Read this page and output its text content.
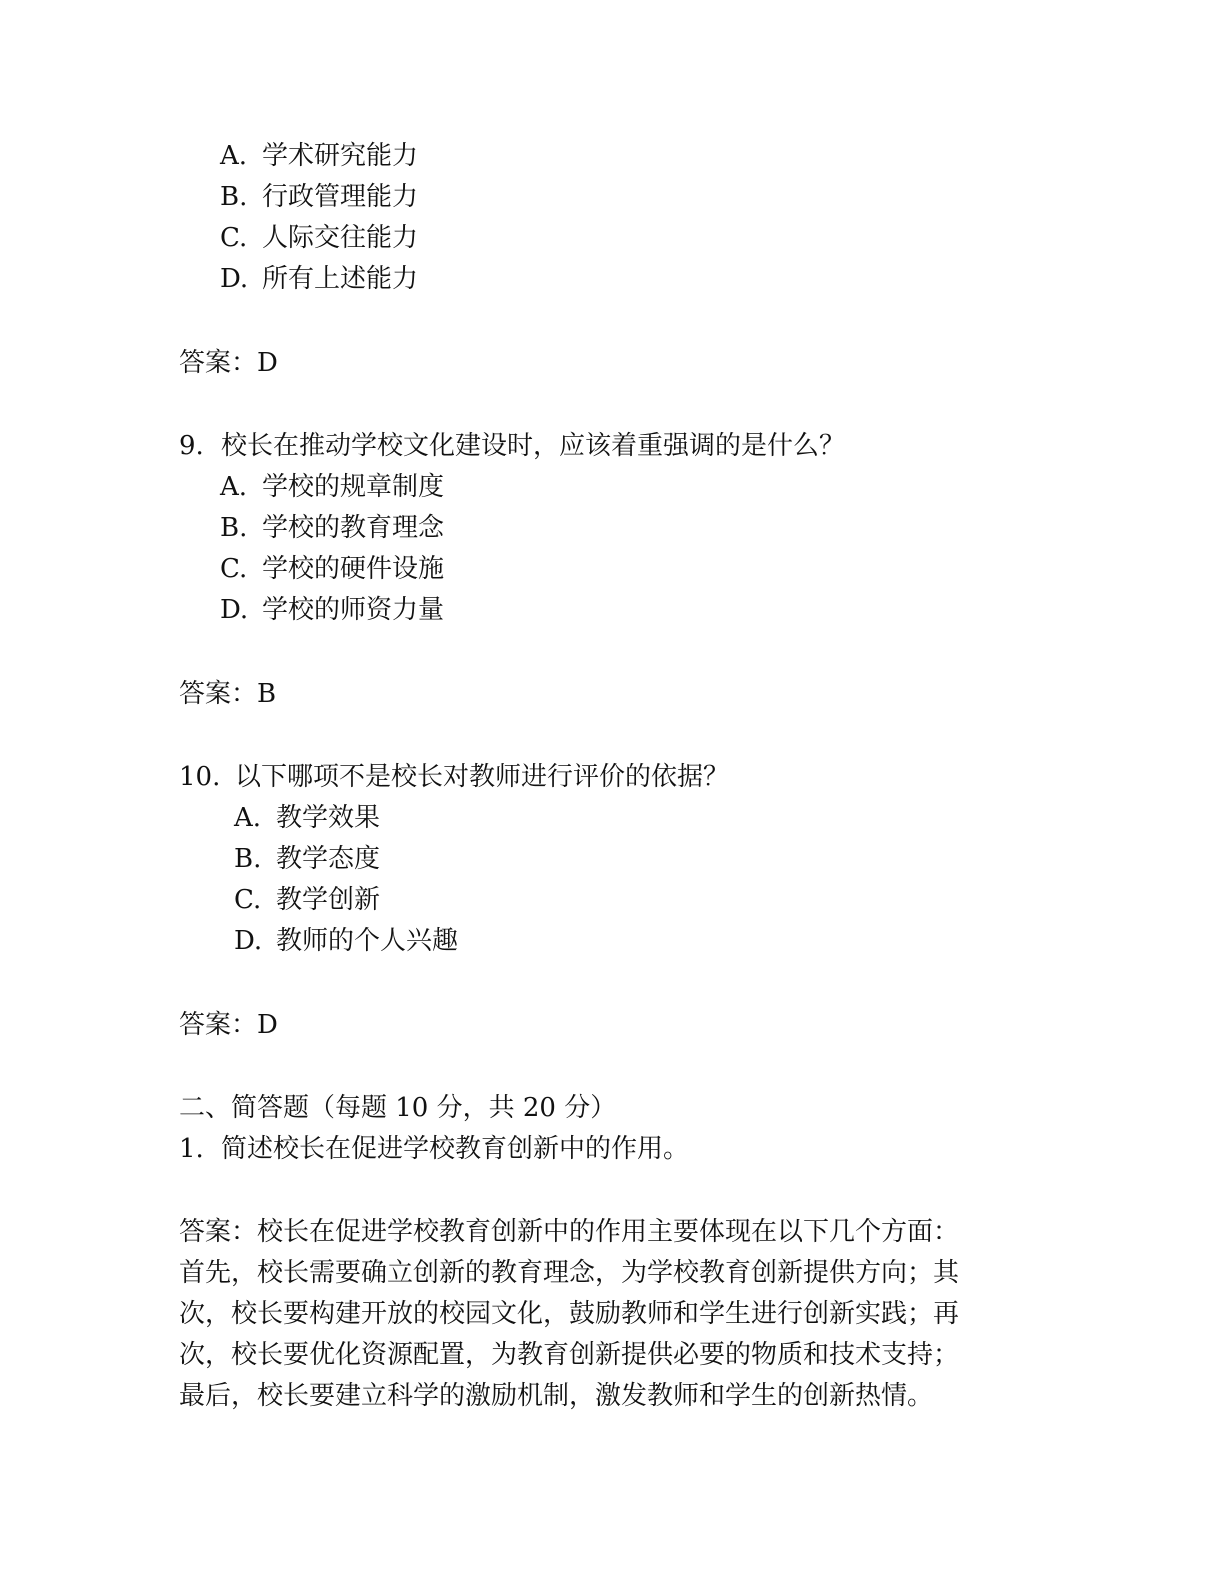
A. 学术研究能力
B. 行政管理能力
C. 人际交往能力
D. 所有上述能力
答案：D
9. 校长在推动学校文化建设时，应该着重强调的是什么？
A. 学校的规章制度
B. 学校的教育理念
C. 学校的硬件设施
D. 学校的师资力量
答案：B
10. 以下哪项不是校长对教师进行评价的依据？
A. 教学效果
B. 教学态度
C. 教学创新
D. 教师的个人兴趣
答案：D
二、简答题（每题 10 分，共 20 分）
1. 简述校长在促进学校教育创新中的作用。
答案：校长在促进学校教育创新中的作用主要体现在以下几个方面：
首先，校长需要确立创新的教育理念，为学校教育创新提供方向；其
次，校长要构建开放的校园文化，鼓励教师和学生进行创新实践；再
次，校长要优化资源配置，为教育创新提供必要的物质和技术支持；
最后，校长要建立科学的激励机制，激发教师和学生的创新热情。
